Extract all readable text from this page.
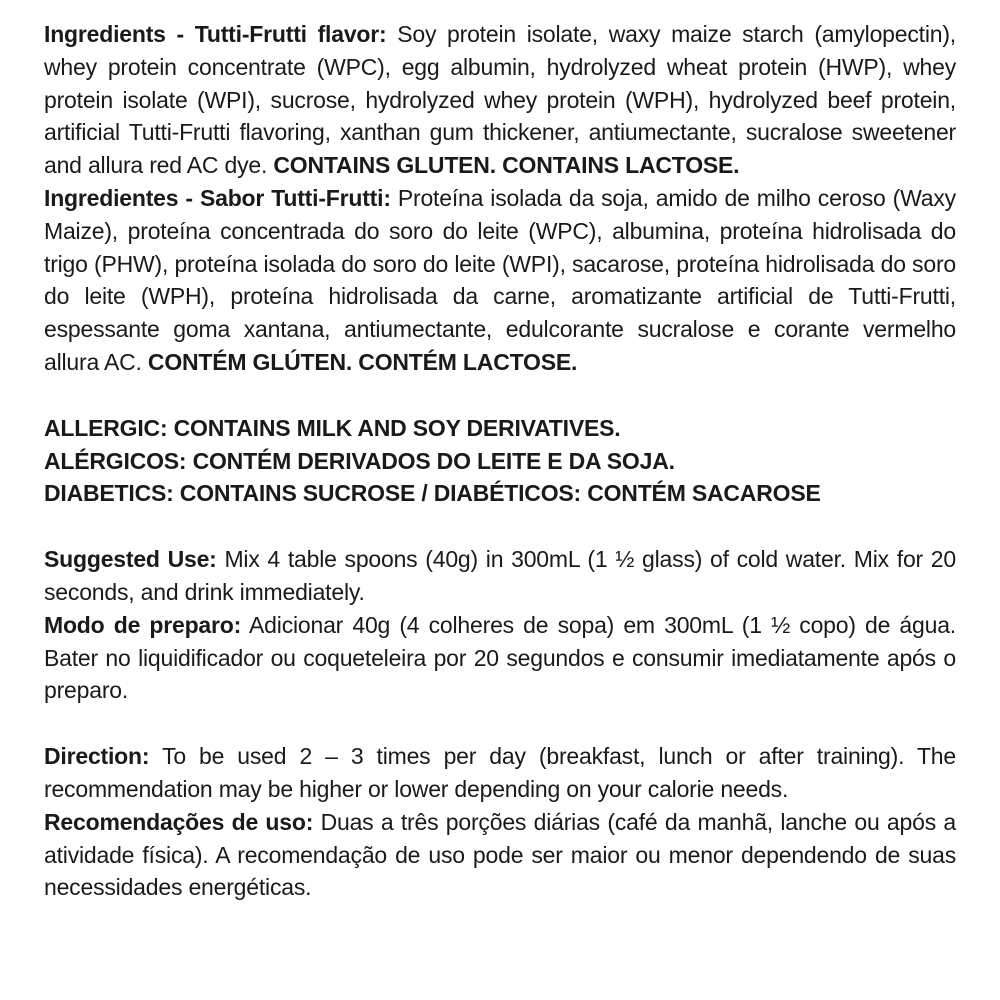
Ingredients - Tutti-Frutti flavor: Soy protein isolate, waxy maize starch (amylopectin), whey protein concentrate (WPC), egg albumin, hydrolyzed wheat protein (HWP), whey protein isolate (WPI), sucrose, hydrolyzed whey protein (WPH), hydrolyzed beef protein, artificial Tutti-Frutti flavoring, xanthan gum thickener, antiumectante, sucralose sweetener and allura red AC dye. CONTAINS GLUTEN. CONTAINS LACTOSE.

Ingredientes - Sabor Tutti-Frutti: Proteína isolada da soja, amido de milho ceroso (Waxy Maize), proteína concentrada do soro do leite (WPC), albumina, proteína hidrolisada do trigo (PHW), proteína isolada do soro do leite (WPI), sacarose, proteína hidrolisada do soro do leite (WPH), proteína hidrolisada da carne, aromatizante artificial de Tutti-Frutti, espessante goma xantana, antiumectante, edulcorante sucralose e corante vermelho allura AC. CONTÉM GLÚTEN. CONTÉM LACTOSE.

ALLERGIC: CONTAINS MILK AND SOY DERIVATIVES.

ALÉRGICOS: CONTÉM DERIVADOS DO LEITE E DA SOJA.

DIABETICS: CONTAINS SUCROSE / DIABÉTICOS: CONTÉM SACAROSE

Suggested Use: Mix 4 table spoons (40g) in 300mL (1 ½ glass) of cold water. Mix for 20 seconds, and drink immediately.

Modo de preparo: Adicionar 40g (4 colheres de sopa) em 300mL (1 ½ copo) de água. Bater no liquidificador ou coqueteleira por 20 segundos e consumir imediatamente após o preparo.

Direction: To be used 2 – 3 times per day (breakfast, lunch or after training). The recommendation may be higher or lower depending on your calorie needs.

Recomendações de uso: Duas a três porções diárias (café da manhã, lanche ou após a atividade física). A recomendação de uso pode ser maior ou menor dependendo de suas necessidades energéticas.
